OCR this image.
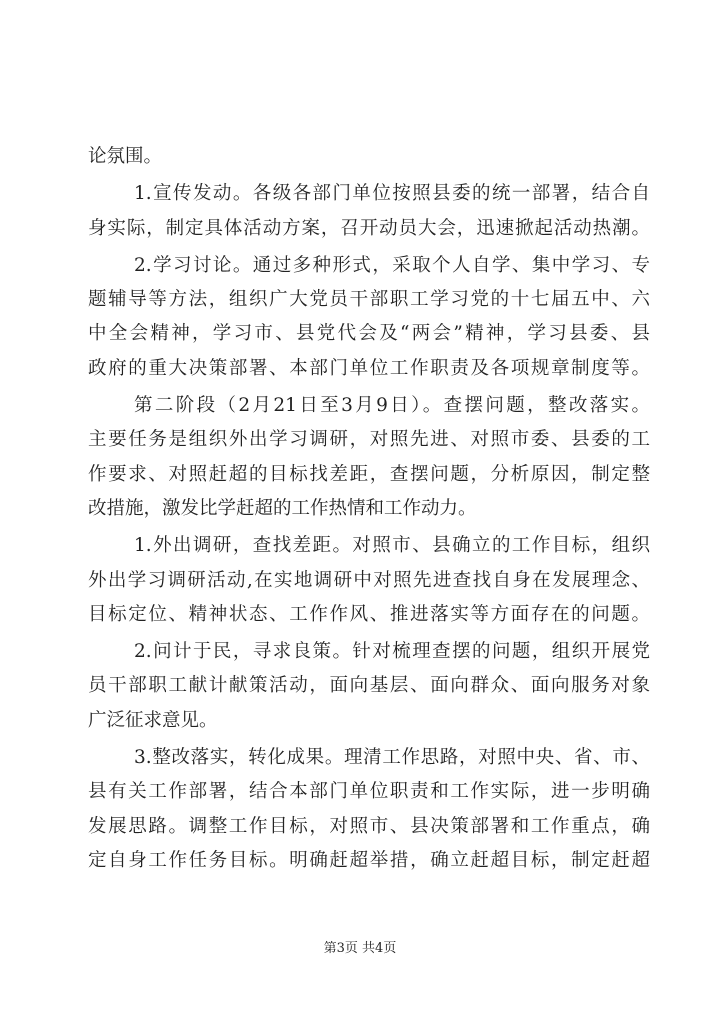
论氛围。
1.宣传发动。各级各部门单位按照县委的统一部署，结合自
身实际，制定具体活动方案，召开动员大会，迅速掀起活动热潮。
2.学习讨论。通过多种形式，采取个人自学、集中学习、专
题辅导等方法，组织广大党员干部职工学习党的十七届五中、六
中全会精神，学习市、县党代会及“两会”精神，学习县委、县
政府的重大决策部署、本部门单位工作职责及各项规章制度等。
第二阶段（2月21日至3月9日）。查摆问题，整改落实。
主要任务是组织外出学习调研，对照先进、对照市委、县委的工
作要求、对照赶超的目标找差距，查摆问题，分析原因，制定整
改措施，激发比学赶超的工作热情和工作动力。
1.外出调研，查找差距。对照市、县确立的工作目标，组织
外出学习调研活动,在实地调研中对照先进查找自身在发展理念、
目标定位、精神状态、工作作风、推进落实等方面存在的问题。
2.问计于民，寻求良策。针对梳理查摆的问题，组织开展党
员干部职工献计献策活动，面向基层、面向群众、面向服务对象
广泛征求意见。
3.整改落实，转化成果。理清工作思路，对照中央、省、市、
县有关工作部署，结合本部门单位职责和工作实际，进一步明确
发展思路。调整工作目标，对照市、县决策部署和工作重点，确
定自身工作任务目标。明确赶超举措，确立赶超目标，制定赶超
第3页 共4页
